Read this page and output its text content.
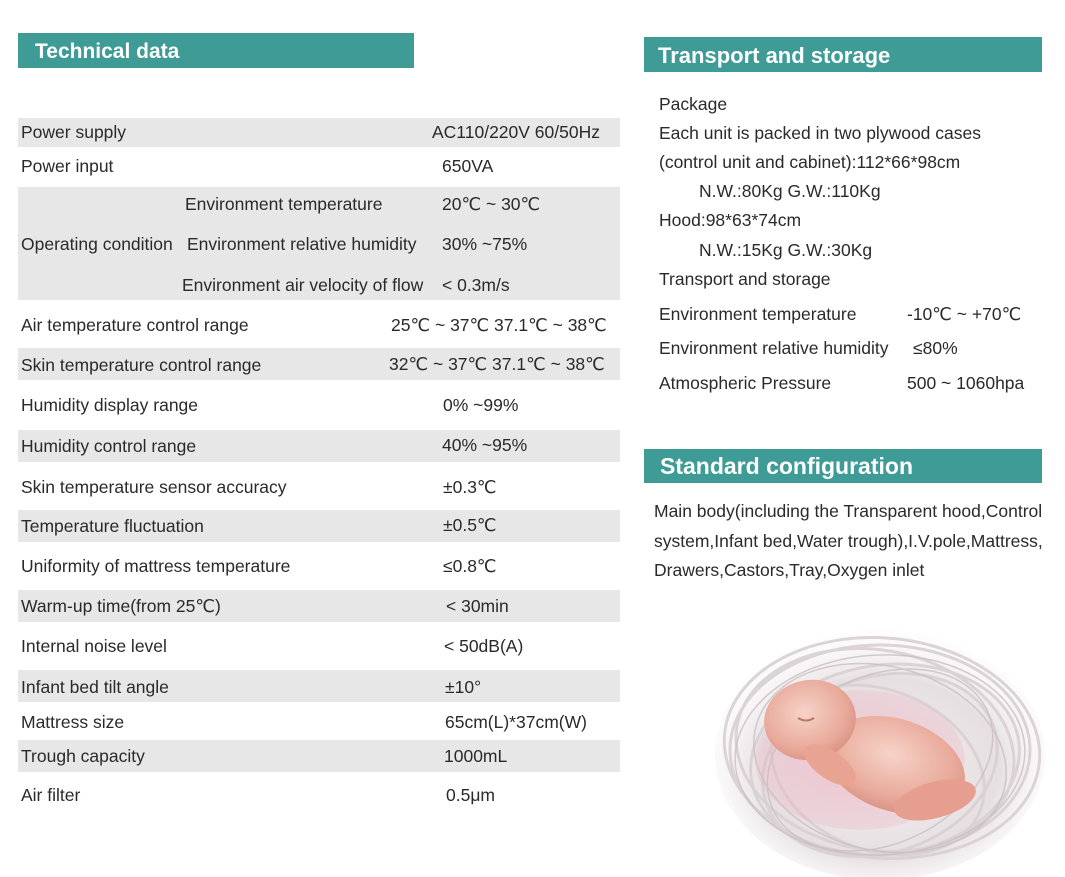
Technical data	Transport and storage
Standard configuration
Power supply	AC110/220V 60/50Hz
Power input	650VA
Operating condition
Environment temperature	20℃ ~ 30℃
Environment relative humidity 30% ~75%
Environment air velocity of flow < 0.3m/s
Air temperature control range	25℃ ~ 37℃ 37.1℃ ~ 38℃
Skin temperature control range	32℃ ~ 37℃ 37.1℃ ~ 38℃
Humidity display range	0% ~99%
Humidity control range	40% ~95%
Skin temperature sensor accuracy	±0.3℃
Temperature fluctuation	±0.5℃
Uniformity of mattress temperature	≤0.8℃
Warm-up time(from 25℃)	< 30min
Internal noise level	< 50dB(A)
Infant bed tilt angle	±10°
Mattress size	65cm(L)*37cm(W)
Trough capacity	1000mL
Air filter	0.5μm
Package
Each unit is packed in two plywood cases
(control unit and cabinet):112*66*98cm
N.W.:80Kg G.W.:110Kg
Hood:98*63*74cm
N.W.:15Kg G.W.:30Kg
Transport and storage
Environment temperature	-10℃ ~ +70℃
Environment relative humidity ≤80%
Atmospheric Pressure	500 ~ 1060hpa
Main body(including the Transparent hood,Control
system,Infant bed,Water trough),I.V.pole,Mattress,
Drawers,Castors,Tray,Oxygen inlet
